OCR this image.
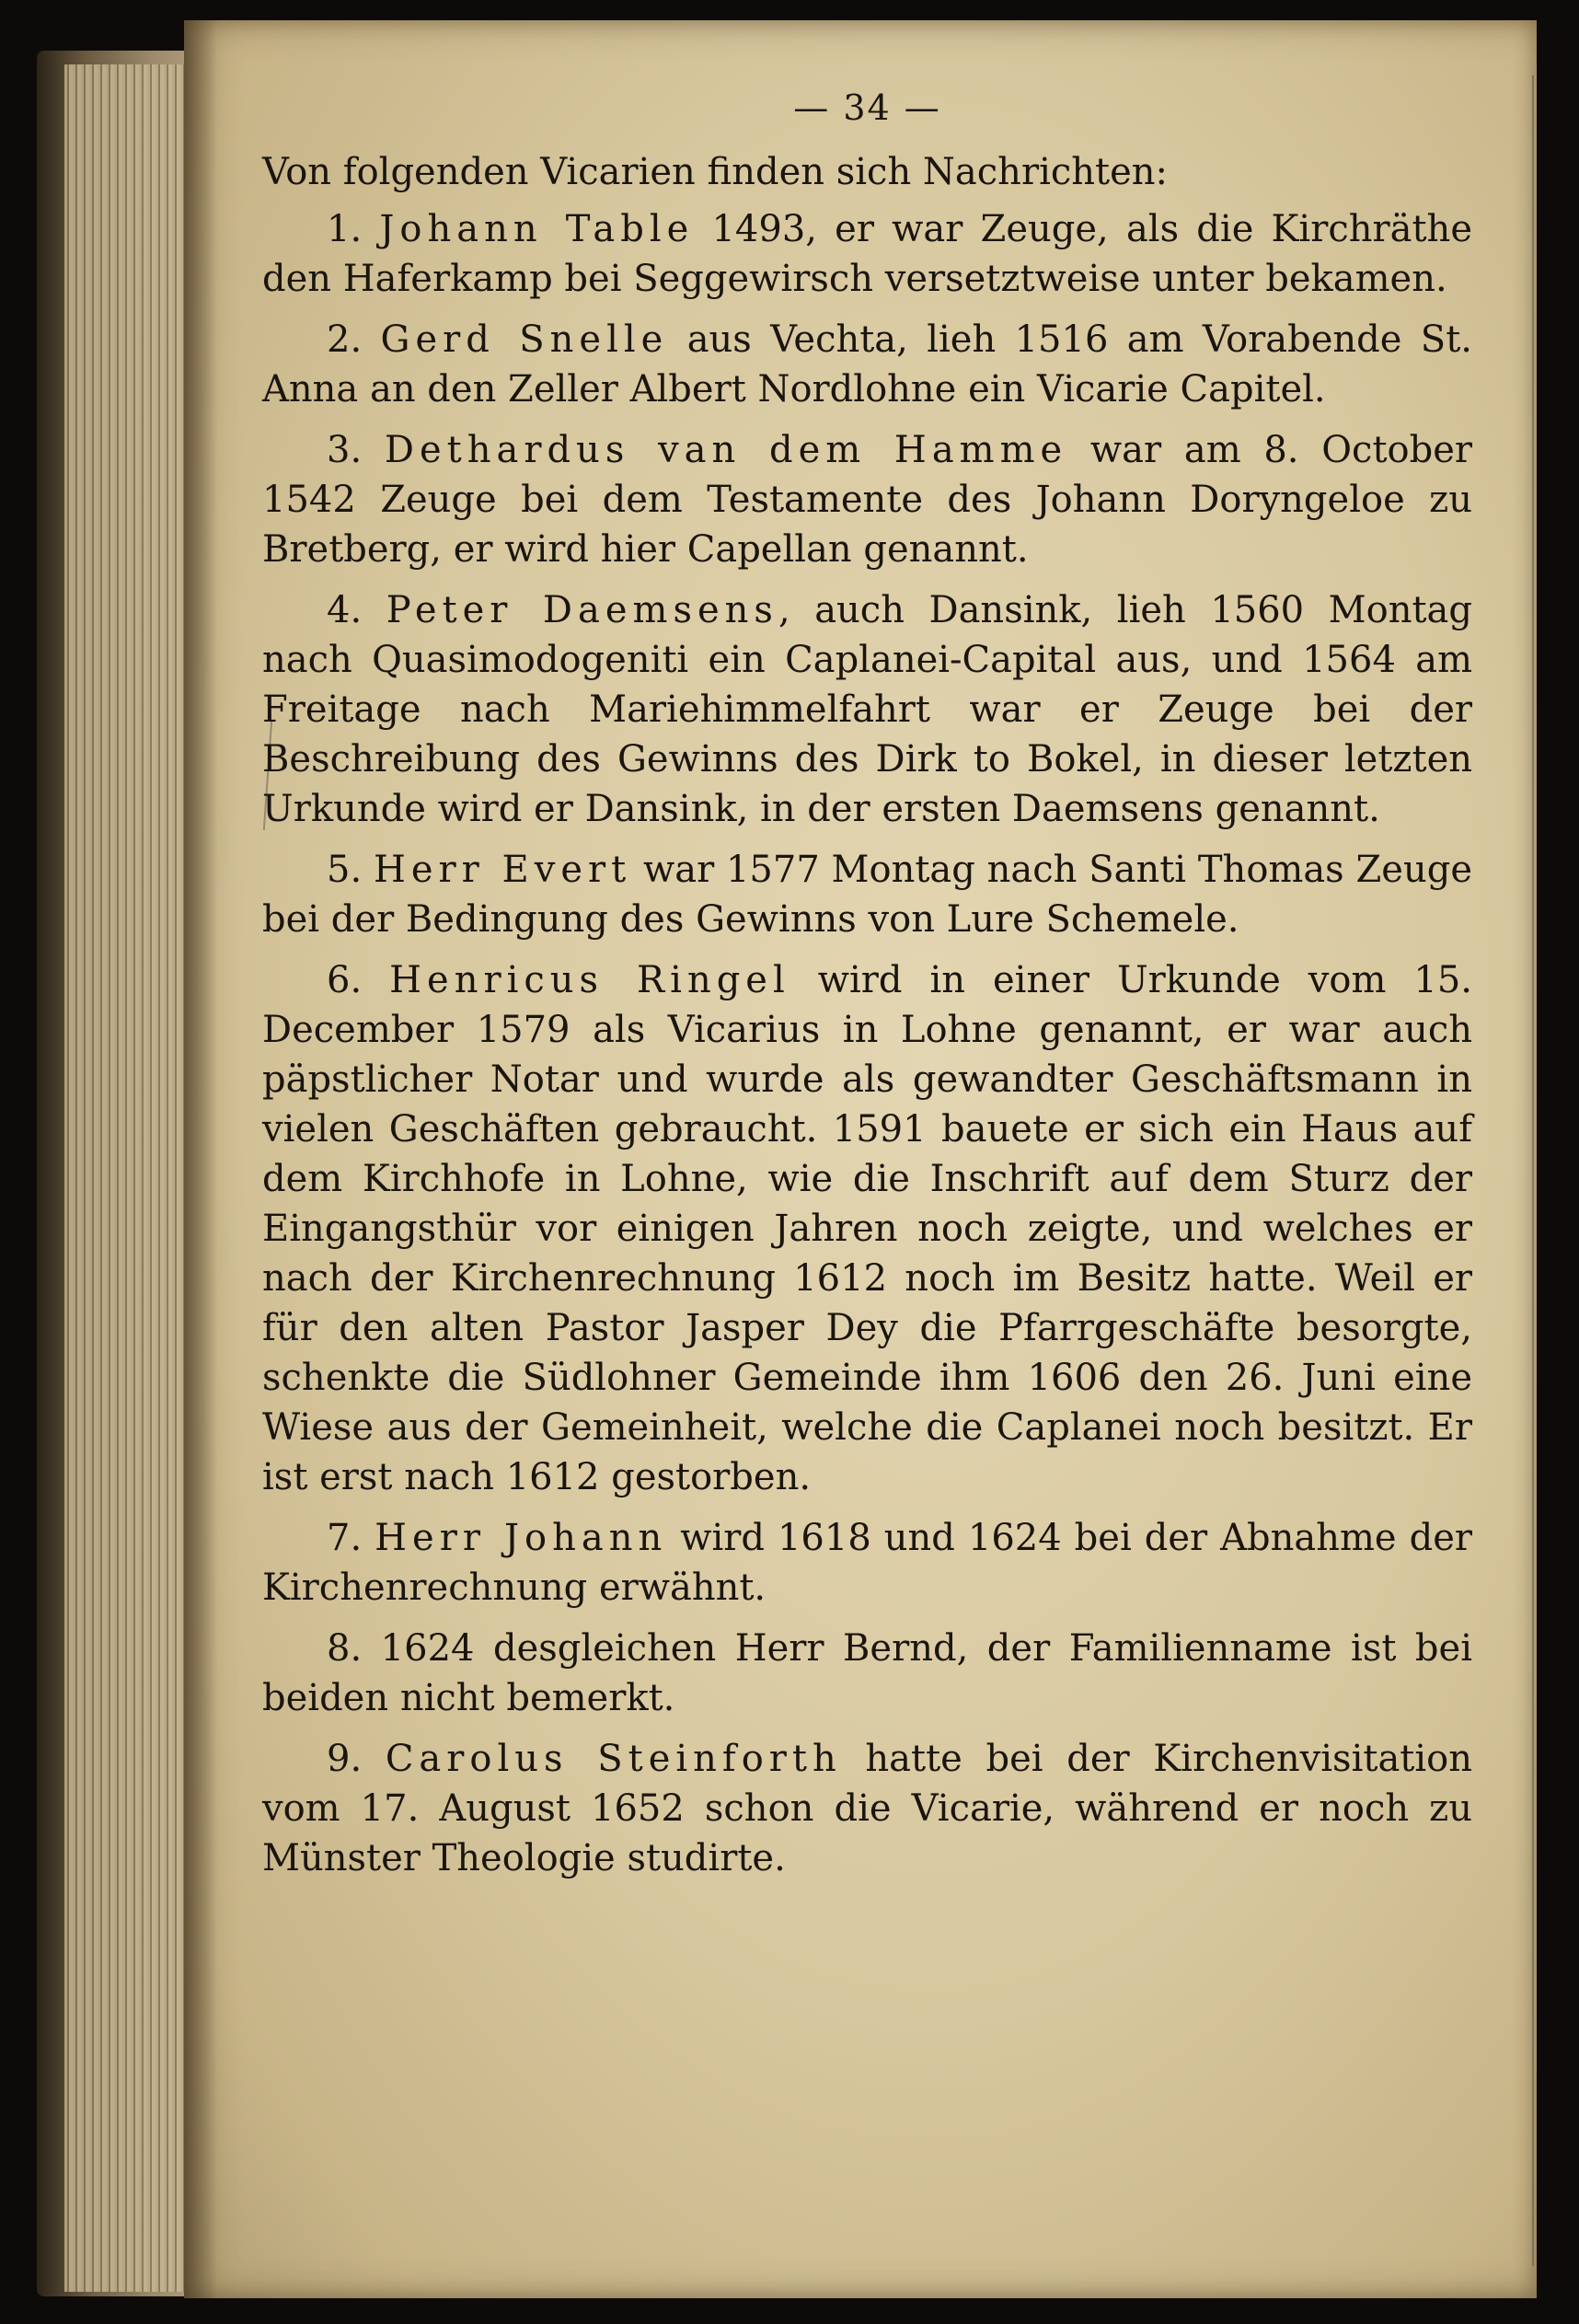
— 34 —

Von folgenden Vicarien finden sich Nachrichten:

1. Johann Table 1493, er war Zeuge, als die Kirchräthe den Haferkamp bei Seggewirsch versetztweise unter bekamen.

2. Gerd Snelle aus Vechta, lieh 1516 am Vorabende St. Anna an den Zeller Albert Nordlohne ein Vicarie Capitel.

3. Dethardus van dem Hamme war am 8. October 1542 Zeuge bei dem Testamente des Johann Doryngeloe zu Bretberg, er wird hier Capellan genannt.

4. Peter Daemsens, auch Dansink, lieh 1560 Montag nach Quasimodogeniti ein Caplanei-Capital aus, und 1564 am Freitage nach Mariehimmelfahrt war er Zeuge bei der Beschreibung des Gewinns des Dirk to Bokel, in dieser letzten Urkunde wird er Dansink, in der ersten Daemsens genannt.

5. Herr Evert war 1577 Montag nach Santi Thomas Zeuge bei der Bedingung des Gewinns von Lure Schemele.

6. Henricus Ringel wird in einer Urkunde vom 15. December 1579 als Vicarius in Lohne genannt, er war auch päpstlicher Notar und wurde als gewandter Geschäftsmann in vielen Geschäften gebraucht. 1591 bauete er sich ein Haus auf dem Kirchhofe in Lohne, wie die Inschrift auf dem Sturz der Eingangsthür vor einigen Jahren noch zeigte, und welches er nach der Kirchenrechnung 1612 noch im Besitz hatte. Weil er für den alten Pastor Jasper Dey die Pfarrgeschäfte besorgte, schenkte die Südlohner Gemeinde ihm 1606 den 26. Juni eine Wiese aus der Gemeinheit, welche die Caplanei noch besitzt. Er ist erst nach 1612 gestorben.

7. Herr Johann wird 1618 und 1624 bei der Abnahme der Kirchenrechnung erwähnt.

8. 1624 desgleichen Herr Bernd, der Familienname ist bei beiden nicht bemerkt.

9. Carolus Steinforth hatte bei der Kirchenvisitation vom 17. August 1652 schon die Vicarie, während er noch zu Münster Theologie studirte.
